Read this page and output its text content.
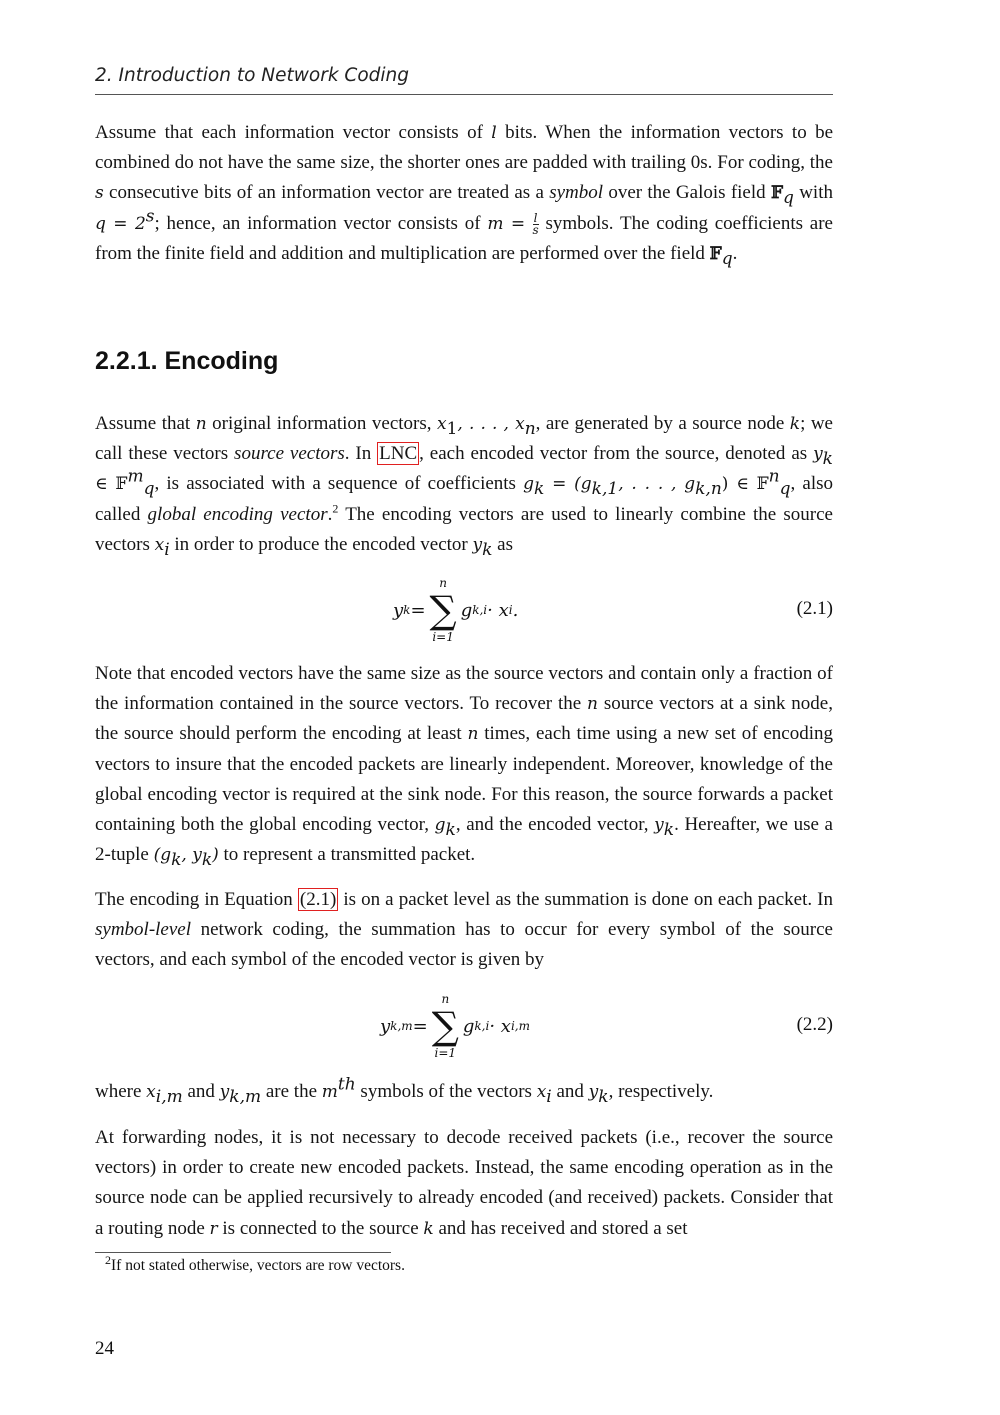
2. Introduction to Network Coding

Assume that each information vector consists of l bits. When the information vectors to be combined do not have the same size, the shorter ones are padded with trailing 0s. For coding, the s consecutive bits of an information vector are treated as a symbol over the Galois field 𝔽$_q$ with $q = 2^s$; hence, an information vector consists of $m = \frac{l}{s}$ symbols. The coding coefficients are from the finite field and addition and multiplication are performed over the field 𝔽$_q$.

2.2.1. Encoding

Assume that n original information vectors, $x_1$, . . . , $x_n$, are generated by a source node k; we call these vectors source vectors. In LNC , each encoded vector from the source, denoted as $y_k$ ∈ 𝔽$^m_q$, is associated with a sequence of coefficients $g_k = (g_{k,1}$, . . . , $g_{k,n}$) ∈ 𝔽$^n_q$, also called global encoding vector.$^2$ The encoding vectors are used to linearly combine the source vectors $x_i$ in order to produce the encoded vector $y_k$ as

y k =
n
∑
i=1
g k,i · x i .	(2.1)

Note that encoded vectors have the same size as the source vectors and contain only a fraction of the information contained in the source vectors. To recover the n source vectors at a sink node, the source should perform the encoding at least n times, each time using a new set of encoding vectors to insure that the encoded packets are linearly independent. Moreover, knowledge of the global encoding vector is required at the sink node. For this reason, the source forwards a packet containing both the global encoding vector, $g_k$, and the encoded vector, $y_k$. Hereafter, we use a 2-tuple ($g_k$, $y_k$) to represent a transmitted packet.

The encoding in Equation (2.1) is on a packet level as the summation is done on each packet. In symbol-level network coding, the summation has to occur for every symbol of the source vectors, and each symbol of the encoded vector is given by

y k,m =
n
∑
i=1
g k,i · x i,m	(2.2)

where $x_{i,m}$ and $y_{k,m}$ are the $m^{th}$ symbols of the vectors $x_i$ and $y_k$, respectively.

At forwarding nodes, it is not necessary to decode received packets (i.e., recover the source vectors) in order to create new encoded packets. Instead, the same encoding operation as in the source node can be applied recursively to already encoded (and received) packets. Consider that a routing node r is connected to the source k and has received and stored a set

$^2$If not stated otherwise, vectors are row vectors.
24
